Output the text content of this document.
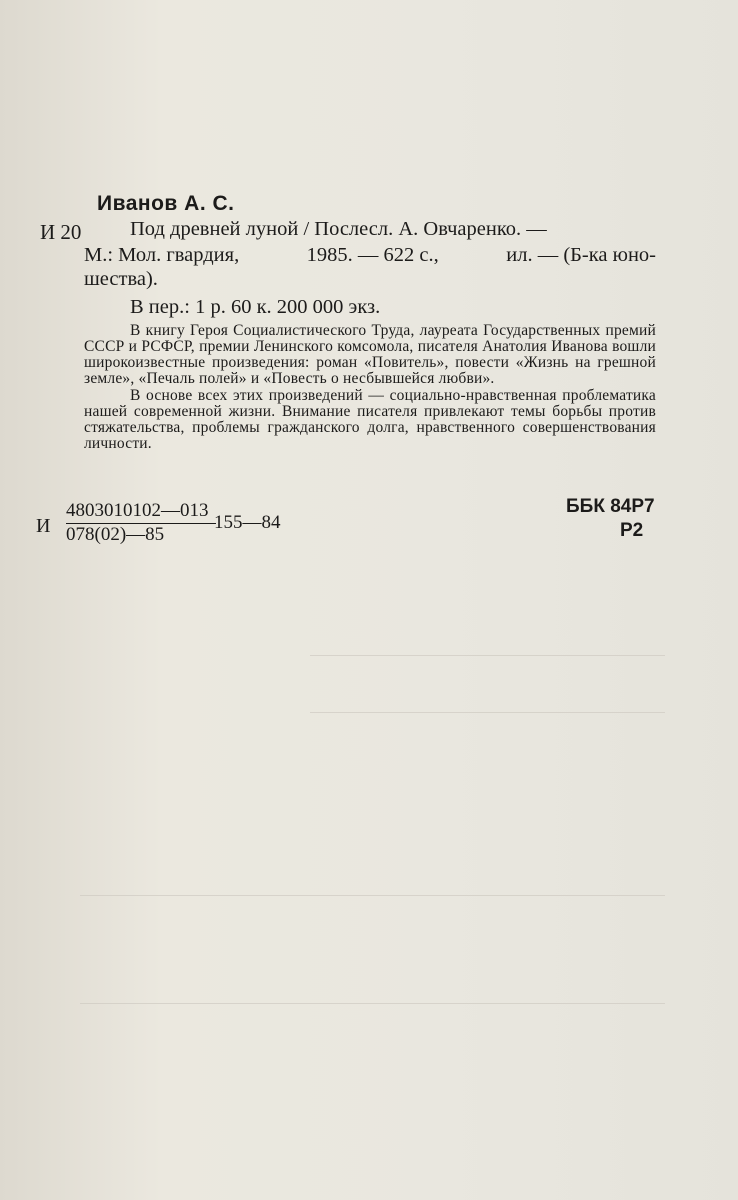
Иванов А. С.
И 20 Под древней луной / Послесл. А. Овчаренко. —
М.: Мол. гвардия,	1985. — 622 с.,	ил. — (Б-ка юно-
шества).
В пер.: 1 р. 60 к. 200 000 экз.

В книгу Героя Социалистического Труда, лауреата Государственных премий СССР и РСФСР, премии Ленинского комсомола, писателя Анатолия Иванова вошли широкоизвестные произведения: роман «Повитель», повести «Жизнь на грешной земле», «Печаль полей» и «Повесть о несбывшейся любви».

В основе всех этих произведений — социально-нравственная проблематика нашей современной жизни. Внимание писателя привлекают темы борьбы против стяжательства, проблемы гражданского долга, нравственного совершенствования личности.

И
4803010102—013
078(02)—85
155—84
ББК 84Р7
Р2
